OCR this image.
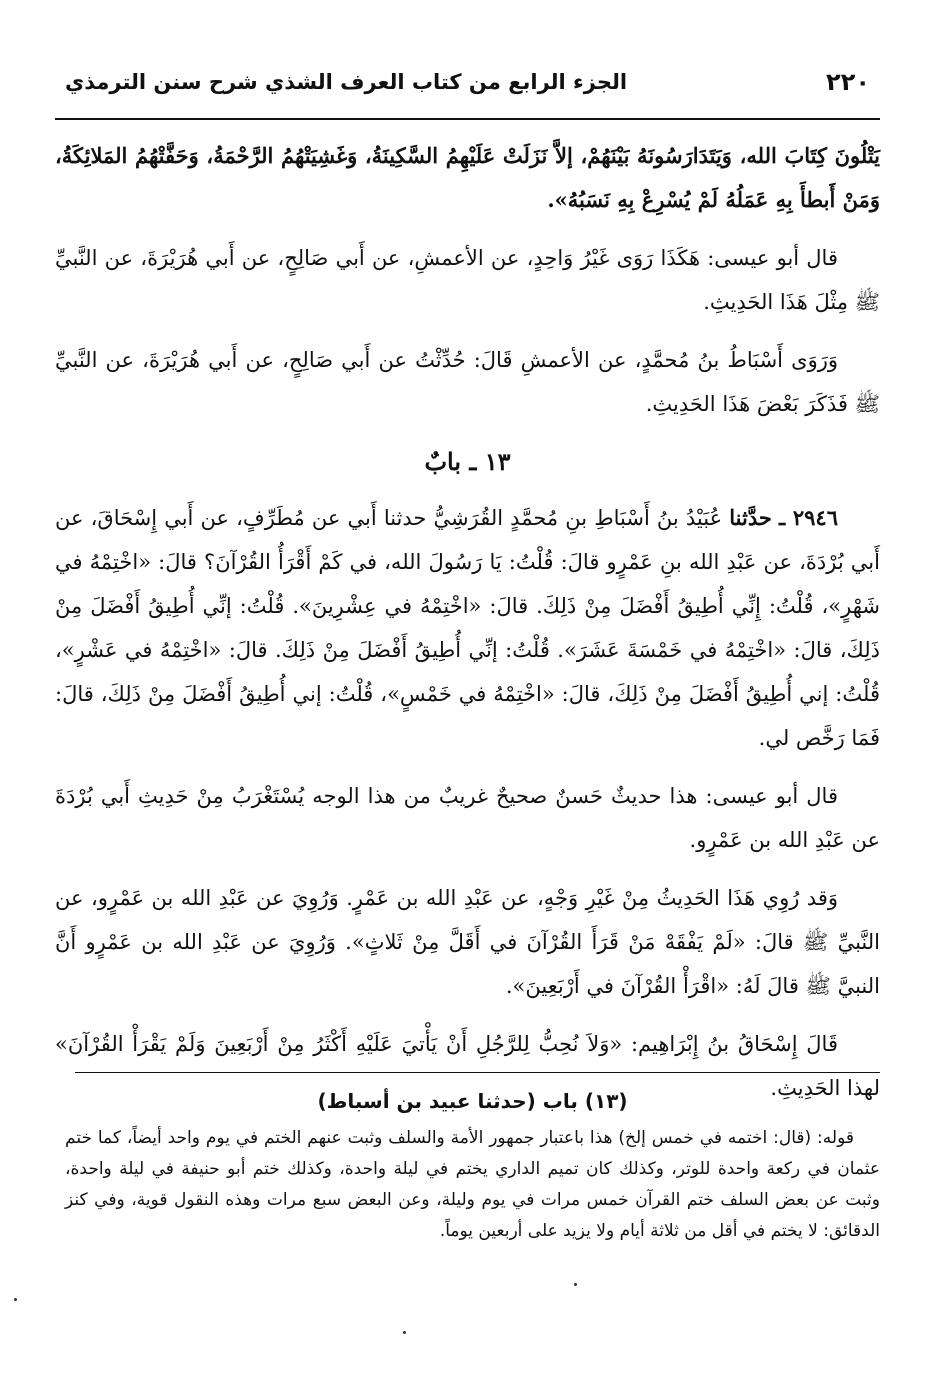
٢٢٠
الجزء الرابع من كتاب العرف الشذي شرح سنن الترمذي

يَتْلُونَ كِتَابَ الله، وَيَتَدَارَسُونَهُ بَيْنَهُمْ، إلاَّ نَزَلَتْ عَلَيْهِمُ السَّكِينَةُ، وَغَشِيَتْهُمُ الرَّحْمَةُ، وَحَفَّتْهُمُ المَلائِكَةُ، وَمَنْ أَبطأَ بِهِ عَمَلُهُ لَمْ يُسْرِعْ بِهِ نَسَبُهُ».

قال أبو عيسى: هَكَذَا رَوَى غَيْرُ وَاحِدٍ، عن الأعمشِ، عن أَبي صَالِحٍ، عن أَبي هُرَيْرَةَ، عن النَّبيِّ ﷺ مِثْلَ هَذَا الحَدِيثِ.

وَرَوَى أَسْبَاطُ بنُ مُحمَّدٍ، عن الأعمشِ قَالَ: حُدِّثْتُ عن أَبي صَالِحٍ، عن أَبي هُرَيْرَةَ، عن النَّبيِّ ﷺ فَذَكَرَ بَعْضَ هَذَا الحَدِيثِ.

١٣ ـ بابٌ

٢٩٤٦ ـ حدَّثنا عُبَيْدُ بنُ أَسْبَاطِ بنِ مُحمَّدٍ القُرَشِيُّ حدثنا أَبي عن مُطَرِّفٍ، عن أَبي إِسْحَاقَ، عن أَبي بُرْدَةَ، عن عَبْدِ الله بنِ عَمْرٍو قالَ: قُلْتُ: يَا رَسُولَ الله، في كَمْ أَقْرَأُ القُرْآنَ؟ قالَ: «اخْتِمْهُ في شَهْرٍ»، قُلْتُ: إِنِّي أُطِيقُ أَفْضَلَ مِنْ ذَلِكَ. قالَ: «اخْتِمْهُ في عِشْرِينَ». قُلْتُ: إنِّي أُطِيقُ أَفْضَلَ مِنْ ذَلِكَ، قالَ: «اخْتِمْهُ في خَمْسَةَ عَشَرَ». قُلْتُ: إنِّي أُطِيقُ أَفْضَلَ مِنْ ذَلِكَ. قالَ: «اخْتِمْهُ في عَشْرٍ»، قُلْتُ: إني أُطِيقُ أَفْضَلَ مِنْ ذَلِكَ، قالَ: «اخْتِمْهُ في خَمْسٍ»، قُلْتُ: إني أُطِيقُ أَفْضَلَ مِنْ ذَلِكَ، قالَ: فَمَا رَخَّص لي.

قال أبو عيسى: هذا حديثٌ حَسنٌ صحيحٌ غريبٌ من هذا الوجه يُسْتَغْرَبُ مِنْ حَدِيثِ أَبي بُرْدَةَ عن عَبْدِ الله بن عَمْرٍو.

وَقد رُوِي هَذَا الحَدِيثُ مِنْ غَيْرِ وَجْهٍ، عن عَبْدِ الله بن عَمْرٍ. وَرُوِيَ عن عَبْدِ الله بن عَمْرٍو، عن النَّبيِّ ﷺ قالَ: «لَمْ يَفْقَهْ مَنْ قَرَأَ القُرْآنَ في أَقَلَّ مِنْ ثَلاثٍ». وَرُوِيَ عن عَبْدِ الله بن عَمْرٍو أَنَّ النبيَّ ﷺ قالَ لَهُ: «اقْرَأْ القُرْآنَ في أَرْبَعِينَ».

قَالَ إِسْحَاقُ بنُ إِبْرَاهِيم: «وَلاَ نُحِبُّ لِلرَّجُلِ أَنْ يَأْتيَ عَلَيْهِ أَكْثَرُ مِنْ أَرْبَعِينَ وَلَمْ يَقْرَأْ القُرْآنَ» لهذا الحَدِيثِ.

(١٣) باب (حدثنا عبيد بن أسباط)

قوله: (قال: اختمه في خمس إلخ) هذا باعتبار جمهور الأمة والسلف وثبت عنهم الختم في يوم واحد أيضاً، كما ختم عثمان في ركعة واحدة للوتر، وكذلك كان تميم الداري يختم في ليلة واحدة، وكذلك ختم أبو حنيفة في ليلة واحدة، وثبت عن بعض السلف ختم القرآن خمس مرات في يوم وليلة، وعن البعض سبع مرات وهذه النقول قوية، وفي كنز الدقائق: لا يختم في أقل من ثلاثة أيام ولا يزيد على أربعين يوماً.
